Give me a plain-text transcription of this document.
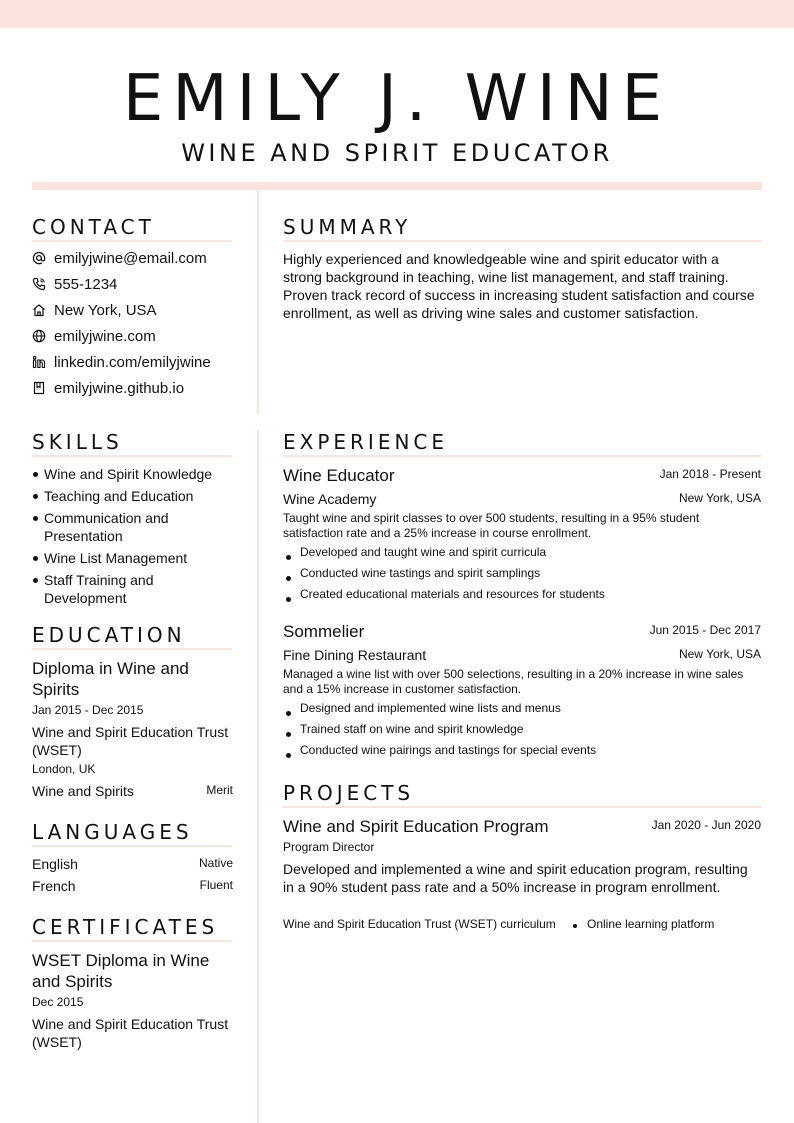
EMILY J. WINE
WINE AND SPIRIT EDUCATOR
CONTACT
emilyjwine@email.com
555-1234
New York, USA
emilyjwine.com
linkedin.com/emilyjwine
emilyjwine.github.io
SUMMARY
Highly experienced and knowledgeable wine and spirit educator with a strong background in teaching, wine list management, and staff training. Proven track record of success in increasing student satisfaction and course enrollment, as well as driving wine sales and customer satisfaction.
SKILLS
Wine and Spirit Knowledge
Teaching and Education
Communication and Presentation
Wine List Management
Staff Training and Development
EDUCATION
Diploma in Wine and Spirits
Jan 2015 - Dec 2015
Wine and Spirit Education Trust (WSET)
London, UK
Wine and Spirits	Merit
LANGUAGES
English	Native
French	Fluent
CERTIFICATES
WSET Diploma in Wine and Spirits
Dec 2015
Wine and Spirit Education Trust (WSET)
EXPERIENCE
Wine Educator	Jan 2018 - Present
Wine Academy	New York, USA
Taught wine and spirit classes to over 500 students, resulting in a 95% student satisfaction rate and a 25% increase in course enrollment.
Developed and taught wine and spirit curricula
Conducted wine tastings and spirit samplings
Created educational materials and resources for students
Sommelier	Jun 2015 - Dec 2017
Fine Dining Restaurant	New York, USA
Managed a wine list with over 500 selections, resulting in a 20% increase in wine sales and a 15% increase in customer satisfaction.
Designed and implemented wine lists and menus
Trained staff on wine and spirit knowledge
Conducted wine pairings and tastings for special events
PROJECTS
Wine and Spirit Education Program	Jan 2020 - Jun 2020
Program Director
Developed and implemented a wine and spirit education program, resulting in a 90% student pass rate and a 50% increase in program enrollment.
Wine and Spirit Education Trust (WSET) curriculum	Online learning platform
